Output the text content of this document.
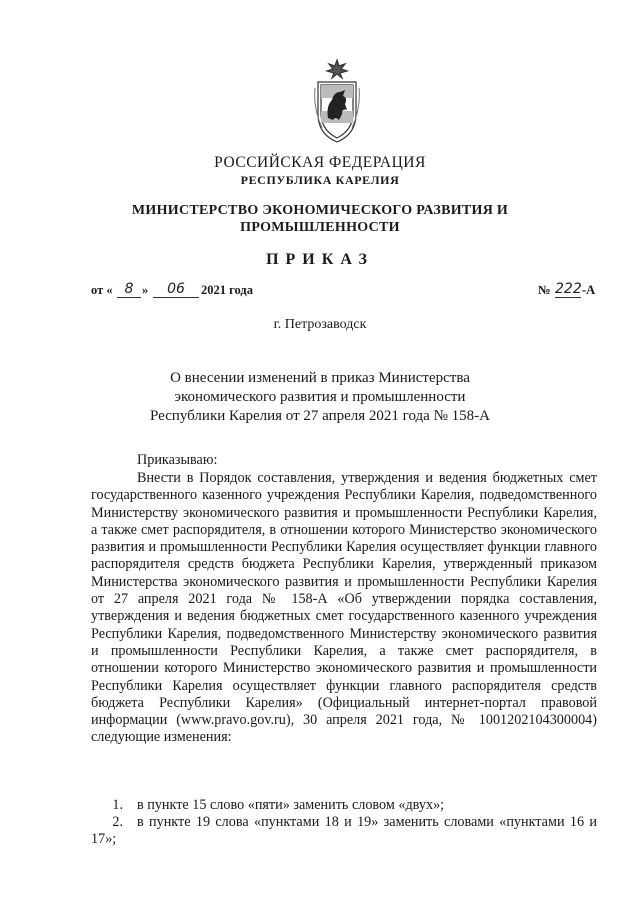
РОССИЙСКАЯ ФЕДЕРАЦИЯ
РЕСПУБЛИКА КАРЕЛИЯ
МИНИСТЕРСТВО ЭКОНОМИЧЕСКОГО РАЗВИТИЯ И
ПРОМЫШЛЕННОСТИ
ПРИКАЗ
от « 8 »	06	2021 года	№ 222 -А
г. Петрозаводск
О внесении изменений в приказ Министерства
экономического развития и промышленности
Республики Карелия от 27 апреля 2021 года № 158-А
Приказываю:
Внести в Порядок составления, утверждения и ведения бюджетных смет государственного казенного учреждения Республики Карелия, подведомственного Министерству экономического развития и промышленности Республики Карелия, а также смет распорядителя, в отношении которого Министерство экономического развития и промышленности Республики Карелия осуществляет функции главного распорядителя средств бюджета Республики Карелия, утвержденный приказом Министерства экономического развития и промышленности Республики Карелия от 27 апреля 2021 года № 158-А «Об утверждении порядка составления, утверждения и ведения бюджетных смет государственного казенного учреждения Республики Карелия, подведомственного Министерству экономического развития и промышленности Республики Карелия, а также смет распорядителя, в отношении которого Министерство экономического развития и промышленности Республики Карелия осуществляет функции главного распорядителя средств бюджета Республики Карелия» (Официальный интернет-портал правовой информации (www.pravo.gov.ru), 30 апреля 2021 года, № 1001202104300004) следующие изменения:
1. в пункте 15 слово «пяти» заменить словом «двух»;
2. в пункте 19 слова «пунктами 18 и 19» заменить словами «пунктами 16 и 17»;
